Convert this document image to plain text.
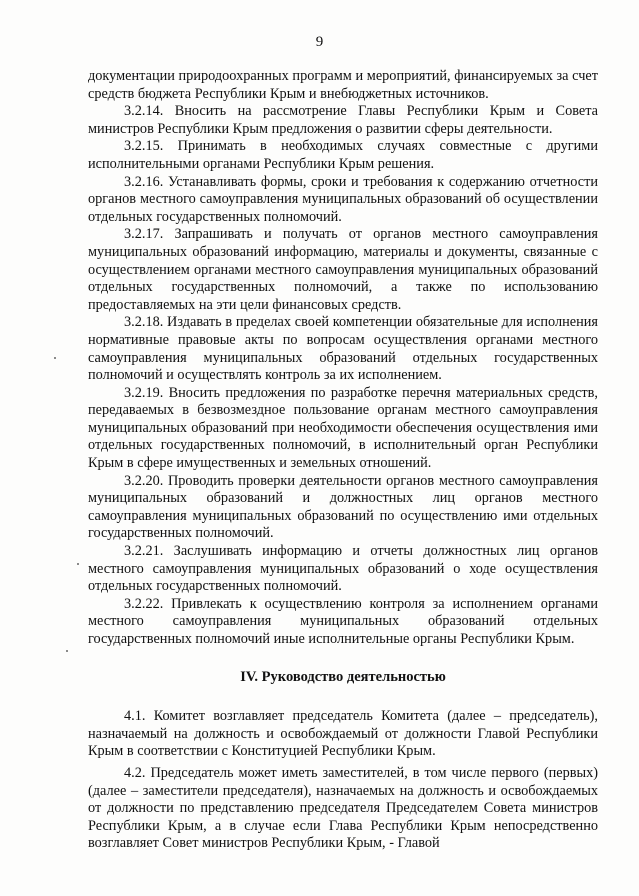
9

документации природоохранных программ и мероприятий, финансируемых за счет средств бюджета Республики Крым и внебюджетных источников.

3.2.14. Вносить на рассмотрение Главы Республики Крым и Совета министров Республики Крым предложения о развитии сферы деятельности.

3.2.15. Принимать в необходимых случаях совместные с другими исполнительными органами Республики Крым решения.

3.2.16. Устанавливать формы, сроки и требования к содержанию отчетности органов местного самоуправления муниципальных образований об осуществлении отдельных государственных полномочий.

3.2.17. Запрашивать и получать от органов местного самоуправления муниципальных образований информацию, материалы и документы, связанные с осуществлением органами местного самоуправления муниципальных образований отдельных государственных полномочий, а также по использованию предоставляемых на эти цели финансовых средств.

3.2.18. Издавать в пределах своей компетенции обязательные для исполнения нормативные правовые акты по вопросам осуществления органами местного самоуправления муниципальных образований отдельных государственных полномочий и осуществлять контроль за их исполнением.

3.2.19. Вносить предложения по разработке перечня материальных средств, передаваемых в безвозмездное пользование органам местного самоуправления муниципальных образований при необходимости обеспечения осуществления ими отдельных государственных полномочий, в исполнительный орган Республики Крым в сфере имущественных и земельных отношений.

3.2.20. Проводить проверки деятельности органов местного самоуправления муниципальных образований и должностных лиц органов местного самоуправления муниципальных образований по осуществлению ими отдельных государственных полномочий.

3.2.21. Заслушивать информацию и отчеты должностных лиц органов местного самоуправления муниципальных образований о ходе осуществления отдельных государственных полномочий.

3.2.22. Привлекать к осуществлению контроля за исполнением органами местного самоуправления муниципальных образований отдельных государственных полномочий иные исполнительные органы Республики Крым.

IV. Руководство деятельностью

4.1. Комитет возглавляет председатель Комитета (далее – председатель), назначаемый на должность и освобождаемый от должности Главой Республики Крым в соответствии с Конституцией Республики Крым.

4.2. Председатель может иметь заместителей, в том числе первого (первых) (далее – заместители председателя), назначаемых на должность и освобождаемых от должности по представлению председателя Председателем Совета министров Республики Крым, а в случае если Глава Республики Крым непосредственно возглавляет Совет министров Республики Крым, - Главой
